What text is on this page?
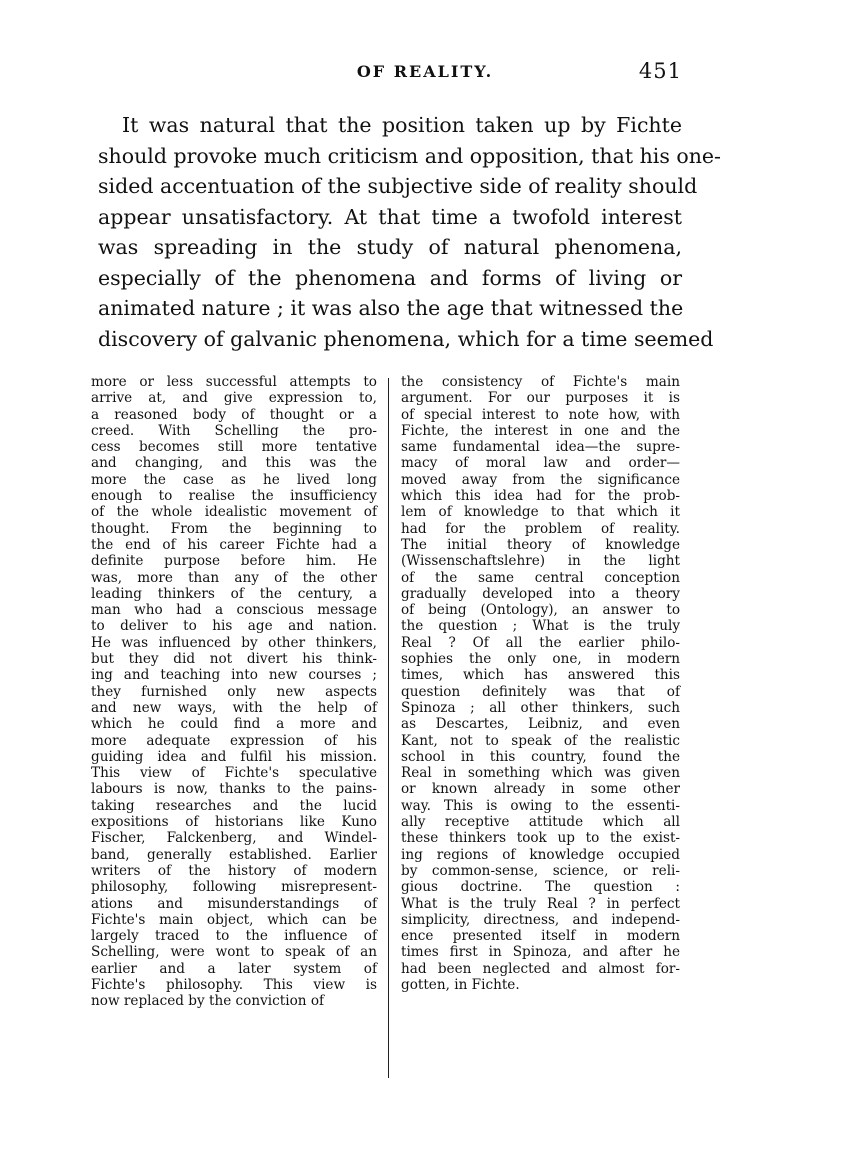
OF REALITY.	451
It was natural that the position taken up by Fichte
should provoke much criticism and opposition, that his one-
sided accentuation of the subjective side of reality should
appear unsatisfactory. At that time a twofold interest
was spreading in the study of natural phenomena,
especially of the phenomena and forms of living or
animated nature ; it was also the age that witnessed the
discovery of galvanic phenomena, which for a time seemed
more or less successful attempts to
arrive at, and give expression to,
a reasoned body of thought or a
creed. With Schelling the pro-
cess becomes still more tentative
and changing, and this was the
more the case as he lived long
enough to realise the insufficiency
of the whole idealistic movement of
thought. From the beginning to
the end of his career Fichte had a
definite purpose before him. He
was, more than any of the other
leading thinkers of the century, a
man who had a conscious message
to deliver to his age and nation.
He was influenced by other thinkers,
but they did not divert his think-
ing and teaching into new courses ;
they furnished only new aspects
and new ways, with the help of
which he could find a more and
more adequate expression of his
guiding idea and fulfil his mission.
This view of Fichte's speculative
labours is now, thanks to the pains-
taking researches and the lucid
expositions of historians like Kuno
Fischer, Falckenberg, and Windel-
band, generally established. Earlier
writers of the history of modern
philosophy, following misrepresent-
ations and misunderstandings of
Fichte's main object, which can be
largely traced to the influence of
Schelling, were wont to speak of an
earlier and a later system of
Fichte's philosophy. This view is
now replaced by the conviction of
the consistency of Fichte's main
argument. For our purposes it is
of special interest to note how, with
Fichte, the interest in one and the
same fundamental idea—the supre-
macy of moral law and order—
moved away from the significance
which this idea had for the prob-
lem of knowledge to that which it
had for the problem of reality.
The initial theory of knowledge
(Wissenschaftslehre) in the light
of the same central conception
gradually developed into a theory
of being (Ontology), an answer to
the question ; What is the truly
Real ? Of all the earlier philo-
sophies the only one, in modern
times, which has answered this
question definitely was that of
Spinoza ; all other thinkers, such
as Descartes, Leibniz, and even
Kant, not to speak of the realistic
school in this country, found the
Real in something which was given
or known already in some other
way. This is owing to the essenti-
ally receptive attitude which all
these thinkers took up to the exist-
ing regions of knowledge occupied
by common-sense, science, or reli-
gious doctrine. The question :
What is the truly Real ? in perfect
simplicity, directness, and independ-
ence presented itself in modern
times first in Spinoza, and after he
had been neglected and almost for-
gotten, in Fichte.
